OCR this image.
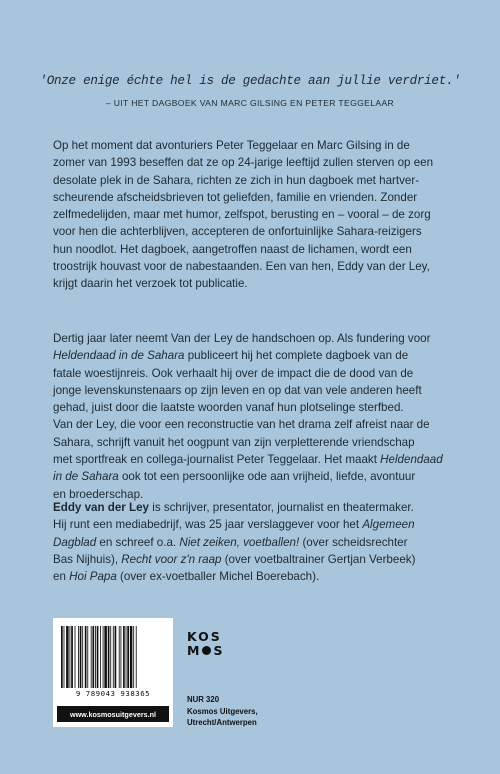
'Onze enige échte hel is de gedachte aan jullie verdriet.'

– UIT HET DAGBOEK VAN MARC GILSING EN PETER TEGGELAAR
Op het moment dat avonturiers Peter Teggelaar en Marc Gilsing in de
zomer van 1993 beseffen dat ze op 24-jarige leeftijd zullen sterven op een
desolate plek in de Sahara, richten ze zich in hun dagboek met hartver-
scheurende afscheidsbrieven tot geliefden, familie en vrienden. Zonder
zelfmedelijden, maar met humor, zelfspot, berusting en – vooral – de zorg
voor hen die achterblijven, accepteren de onfortuinlijke Sahara-reizigers
hun noodlot. Het dagboek, aangetroffen naast de lichamen, wordt een
troostrijk houvast voor de nabestaanden. Een van hen, Eddy van der Ley,
krijgt daarin het verzoek tot publicatie.
Dertig jaar later neemt Van der Ley de handschoen op. Als fundering voor
Heldendaad in de Sahara publiceert hij het complete dagboek van de
fatale woestijnreis. Ook verhaalt hij over de impact die de dood van de
jonge levenskunstenaars op zijn leven en op dat van vele anderen heeft
gehad, juist door die laatste woorden vanaf hun plotselinge sterfbed.
Van der Ley, die voor een reconstructie van het drama zelf afreist naar de
Sahara, schrijft vanuit het oogpunt van zijn verpletterende vriendschap
met sportfreak en collega-journalist Peter Teggelaar. Het maakt Heldendaad
in de Sahara ook tot een persoonlijke ode aan vrijheid, liefde, avontuur
en broederschap.
Eddy van der Ley is schrijver, presentator, journalist en theatermaker.
Hij runt een mediabedrijf, was 25 jaar verslaggever voor het Algemeen
Dagblad en schreef o.a. Niet zeiken, voetballen! (over scheidsrechter
Bas Nijhuis), Recht voor z'n raap (over voetbaltrainer Gertjan Verbeek)
en Hoi Papa (over ex-voetballer Michel Boerebach).
9 789043 938365
www.kosmosuitgevers.nl
KOS
M S
NUR 320
Kosmos Uitgevers,
Utrecht/Antwerpen
